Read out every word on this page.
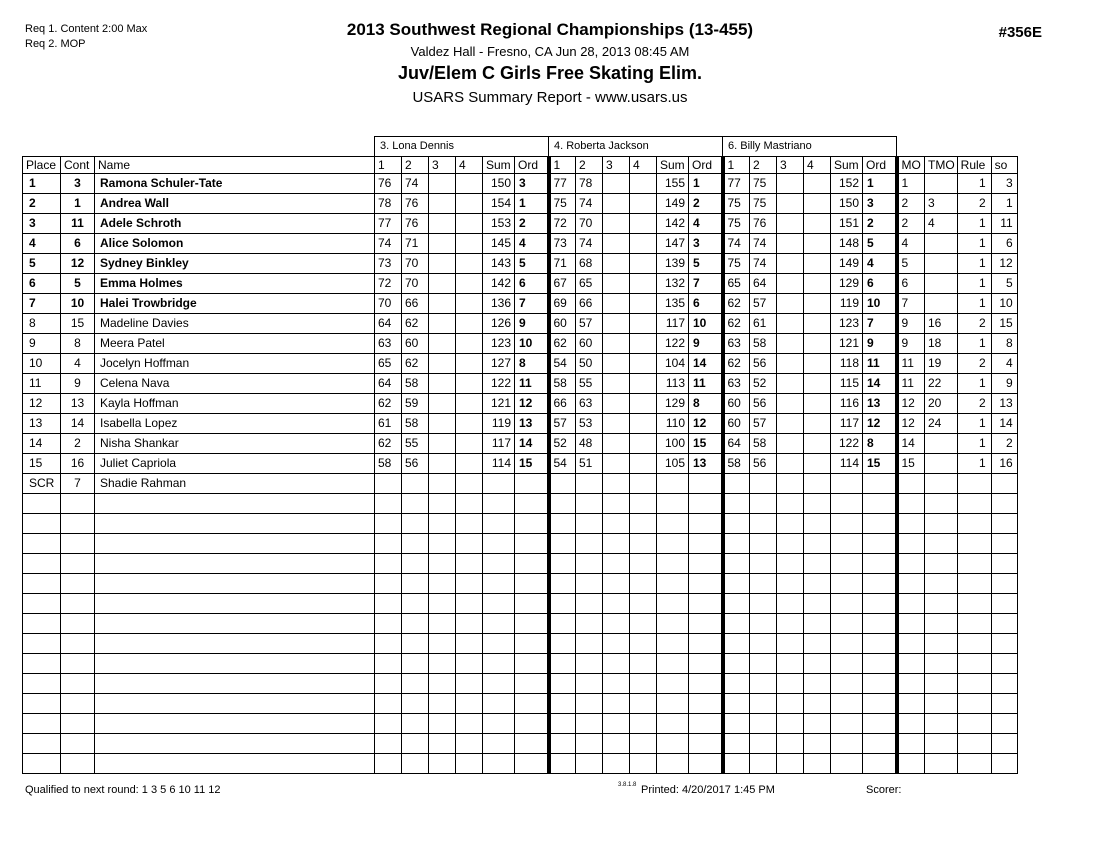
Req 1. Content 2:00 Max
Req 2. MOP
2013 Southwest Regional Championships (13-455)
Valdez Hall - Fresno, CA Jun 28, 2013 08:45 AM
Juv/Elem C Girls Free Skating Elim.
USARS Summary Report - www.usars.us
#356E
			3. Lona Dennis						4. Roberta Jackson						6. Billy Mastriano									
Place	Cont	Name	1	2	3	4	Sum	Ord	1	2	3	4	Sum	Ord	1	2	3	4	Sum	Ord	MO	TMO	Rule	so
1	3	Ramona Schuler-Tate	76	74			150	3	77	78			155	1	77	75			152	1	1		1	3
2	1	Andrea Wall	78	76			154	1	75	74			149	2	75	75			150	3	2	3	2	1
3	11	Adele Schroth	77	76			153	2	72	70			142	4	75	76			151	2	2	4	1	11
4	6	Alice Solomon	74	71			145	4	73	74			147	3	74	74			148	5	4		1	6
5	12	Sydney Binkley	73	70			143	5	71	68			139	5	75	74			149	4	5		1	12
6	5	Emma Holmes	72	70			142	6	67	65			132	7	65	64			129	6	6		1	5
7	10	Halei Trowbridge	70	66			136	7	69	66			135	6	62	57			119	10	7		1	10
8	15	Madeline Davies	64	62			126	9	60	57			117	10	62	61			123	7	9	16	2	15
9	8	Meera Patel	63	60			123	10	62	60			122	9	63	58			121	9	9	18	1	8
10	4	Jocelyn Hoffman	65	62			127	8	54	50			104	14	62	56			118	11	11	19	2	4
11	9	Celena Nava	64	58			122	11	58	55			113	11	63	52			115	14	11	22	1	9
12	13	Kayla Hoffman	62	59			121	12	66	63			129	8	60	56			116	13	12	20	2	13
13	14	Isabella Lopez	61	58			119	13	57	53			110	12	60	57			117	12	12	24	1	14
14	2	Nisha Shankar	62	55			117	14	52	48			100	15	64	58			122	8	14		1	2
15	16	Juliet Capriola	58	56			114	15	54	51			105	13	58	56			114	15	15		1	16
SCR	7	Shadie Rahman																						

Qualified to next round: 1 3 5 6 10 11 12	3.8.1.8 Printed: 4/20/2017 1:45 PM	Scorer:
